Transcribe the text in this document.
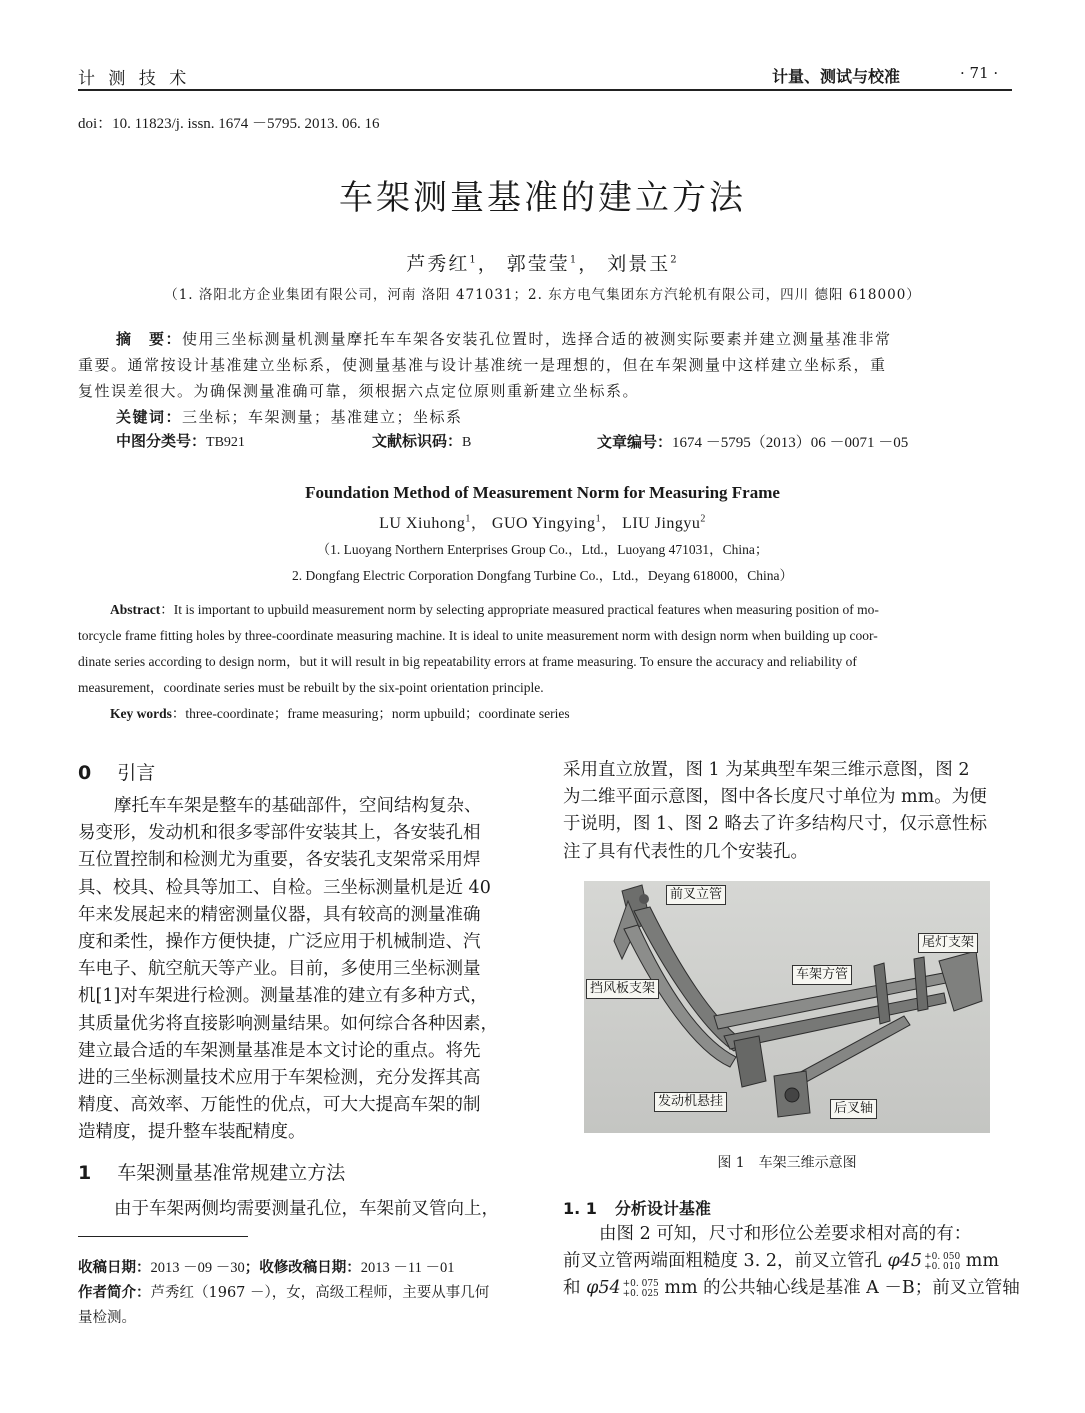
计 测 技 术	计量、测试与校准	· 71 ·
doi：10. 11823/j. issn. 1674 －5795. 2013. 06. 16
车架测量基准的建立方法
芦秀红$^1$， 郭莹莹$^1$， 刘景玉$^2$
（1. 洛阳北方企业集团有限公司，河南 洛阳 471031；2. 东方电气集团东方汽轮机有限公司，四川 德阳 618000）
摘　要：使用三坐标测量机测量摩托车车架各安装孔位置时，选择合适的被测实际要素并建立测量基准非常
重要。通常按设计基准建立坐标系，使测量基准与设计基准统一是理想的，但在车架测量中这样建立坐标系，重
复性误差很大。为确保测量准确可靠，须根据六点定位原则重新建立坐标系。
关键词：三坐标；车架测量；基准建立；坐标系
中图分类号：TB921	文献标识码：B	文章编号：1674 －5795（2013）06 －0071 －05
Foundation Method of Measurement Norm for Measuring Frame
LU Xiuhong$^1$， GUO Yingying$^1$， LIU Jingyu$^2$
（1. Luoyang Northern Enterprises Group Co.，Ltd.，Luoyang 471031，China；
2. Dongfang Electric Corporation Dongfang Turbine Co.，Ltd.，Deyang 618000，China）
Abstract：It is important to upbuild measurement norm by selecting appropriate measured practical features when measuring position of mo-
torcycle frame fitting holes by three-coordinate measuring machine. It is ideal to unite measurement norm with design norm when building up coor-
dinate series according to design norm，but it will result in big repeatability errors at frame measuring. To ensure the accuracy and reliability of
measurement，coordinate series must be rebuilt by the six-point orientation principle.
Key words：three-coordinate；frame measuring；norm upbuild；coordinate series
0 引言
摩托车车架是整车的基础部件，空间结构复杂、
易变形，发动机和很多零部件安装其上，各安装孔相
互位置控制和检测尤为重要，各安装孔支架常采用焊
具、校具、检具等加工、自检。三坐标测量机是近 40
年来发展起来的精密测量仪器，具有较高的测量准确
度和柔性，操作方便快捷，广泛应用于机械制造、汽
车电子、航空航天等产业。目前，多使用三坐标测量
机[1]对车架进行检测。测量基准的建立有多种方式，
其质量优劣将直接影响测量结果。如何综合各种因素，
建立最合适的车架测量基准是本文讨论的重点。将先
进的三坐标测量技术应用于车架检测，充分发挥其高
精度、高效率、万能性的优点，可大大提高车架的制
造精度，提升整车装配精度。
1 车架测量基准常规建立方法
由于车架两侧均需要测量孔位，车架前叉管向上，
收稿日期：2013 －09 －30；收修改稿日期：2013 －11 －01
作者简介：芦秀红（1967 －），女，高级工程师，主要从事几何
量检测。
采用直立放置，图 1 为某典型车架三维示意图，图 2
为二维平面示意图，图中各长度尺寸单位为 mm。为便
于说明，图 1、图 2 略去了许多结构尺寸，仅示意性标
注了具有代表性的几个安装孔。
前叉立管
尾灯支架
车架方管
挡风板支架
发动机悬挂	后叉轴
图 1　车架三维示意图
1. 1 分析设计基准
由图 2 可知，尺寸和形位公差要求相对高的有：
前叉立管两端面粗糙度 3. 2，前叉立管孔 φ45 +0. 050
+0. 010 mm
和 φ54 +0. 075
+0. 025 mm 的公共轴心线是基准 A －B；前叉立管轴
